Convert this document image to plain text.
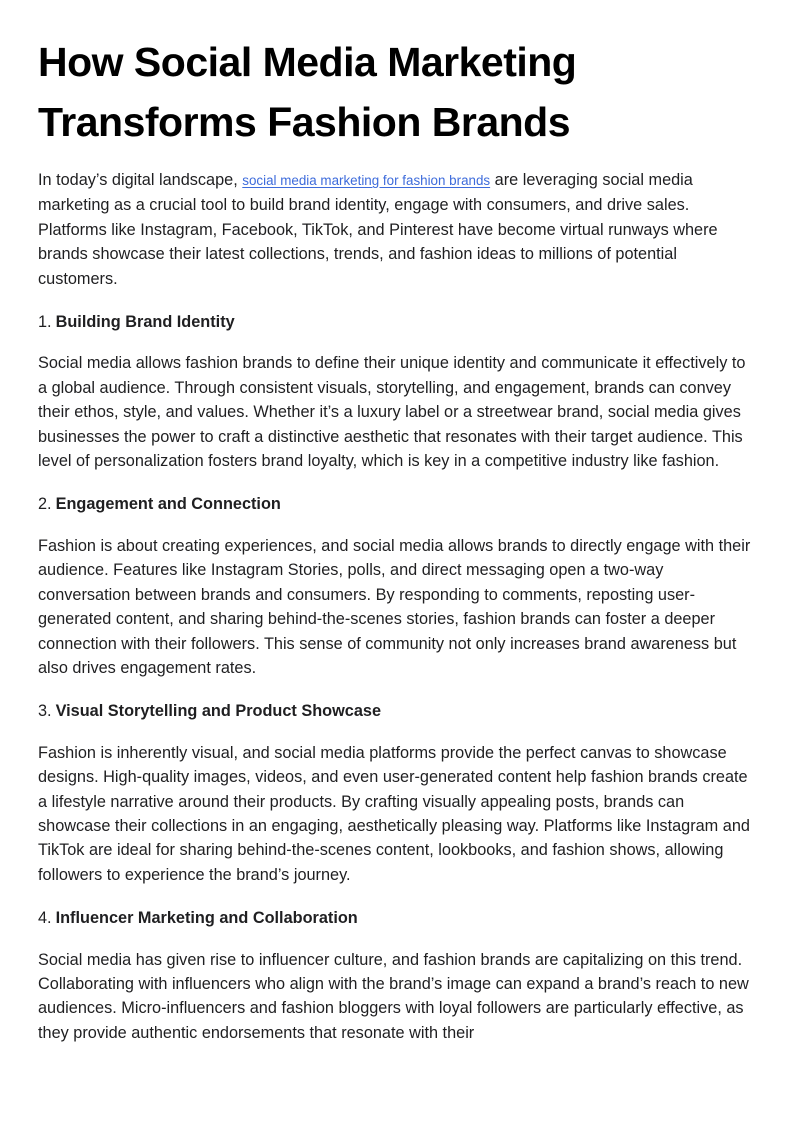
How Social Media Marketing Transforms Fashion Brands

In today’s digital landscape, social media marketing for fashion brands are leveraging social media marketing as a crucial tool to build brand identity, engage with consumers, and drive sales. Platforms like Instagram, Facebook, TikTok, and Pinterest have become virtual runways where brands showcase their latest collections, trends, and fashion ideas to millions of potential customers.

1. Building Brand Identity

Social media allows fashion brands to define their unique identity and communicate it effectively to a global audience. Through consistent visuals, storytelling, and engagement, brands can convey their ethos, style, and values. Whether it’s a luxury label or a streetwear brand, social media gives businesses the power to craft a distinctive aesthetic that resonates with their target audience. This level of personalization fosters brand loyalty, which is key in a competitive industry like fashion.

2. Engagement and Connection

Fashion is about creating experiences, and social media allows brands to directly engage with their audience. Features like Instagram Stories, polls, and direct messaging open a two-way conversation between brands and consumers. By responding to comments, reposting user-generated content, and sharing behind-the-scenes stories, fashion brands can foster a deeper connection with their followers. This sense of community not only increases brand awareness but also drives engagement rates.

3. Visual Storytelling and Product Showcase

Fashion is inherently visual, and social media platforms provide the perfect canvas to showcase designs. High-quality images, videos, and even user-generated content help fashion brands create a lifestyle narrative around their products. By crafting visually appealing posts, brands can showcase their collections in an engaging, aesthetically pleasing way. Platforms like Instagram and TikTok are ideal for sharing behind-the-scenes content, lookbooks, and fashion shows, allowing followers to experience the brand’s journey.

4. Influencer Marketing and Collaboration

Social media has given rise to influencer culture, and fashion brands are capitalizing on this trend. Collaborating with influencers who align with the brand’s image can expand a brand’s reach to new audiences. Micro-influencers and fashion bloggers with loyal followers are particularly effective, as they provide authentic endorsements that resonate with their
